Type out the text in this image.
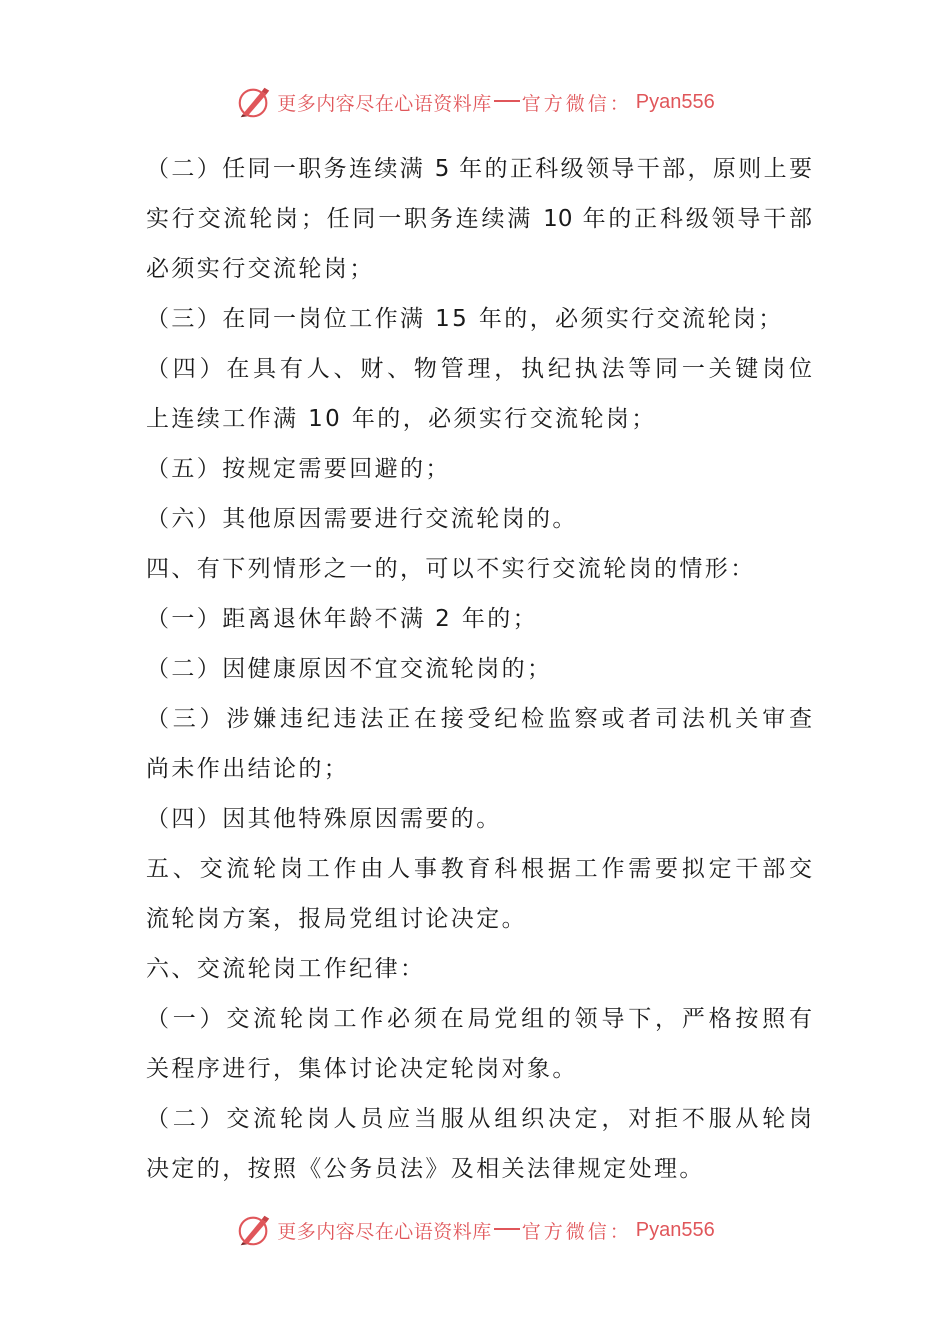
更多内容尽在心语资料库 官方微信： Pyan556
（二）任同一职务连续满 5 年的正科级领导干部，原则上要
实行交流轮岗；任同一职务连续满 10 年的正科级领导干部
必须实行交流轮岗；
（三）在同一岗位工作满 15 年的，必须实行交流轮岗；
（四）在具有人、财、物管理，执纪执法等同一关键岗位
上连续工作满 10 年的，必须实行交流轮岗；
（五）按规定需要回避的；
（六）其他原因需要进行交流轮岗的。
四、有下列情形之一的，可以不实行交流轮岗的情形：
（一）距离退休年龄不满 2 年的；
（二）因健康原因不宜交流轮岗的；
（三）涉嫌违纪违法正在接受纪检监察或者司法机关审查
尚未作出结论的；
（四）因其他特殊原因需要的。
五、交流轮岗工作由人事教育科根据工作需要拟定干部交
流轮岗方案，报局党组讨论决定。
六、交流轮岗工作纪律：
（一）交流轮岗工作必须在局党组的领导下，严格按照有
关程序进行，集体讨论决定轮岗对象。
（二）交流轮岗人员应当服从组织决定，对拒不服从轮岗
决定的，按照《公务员法》及相关法律规定处理。
更多内容尽在心语资料库 官方微信： Pyan556
